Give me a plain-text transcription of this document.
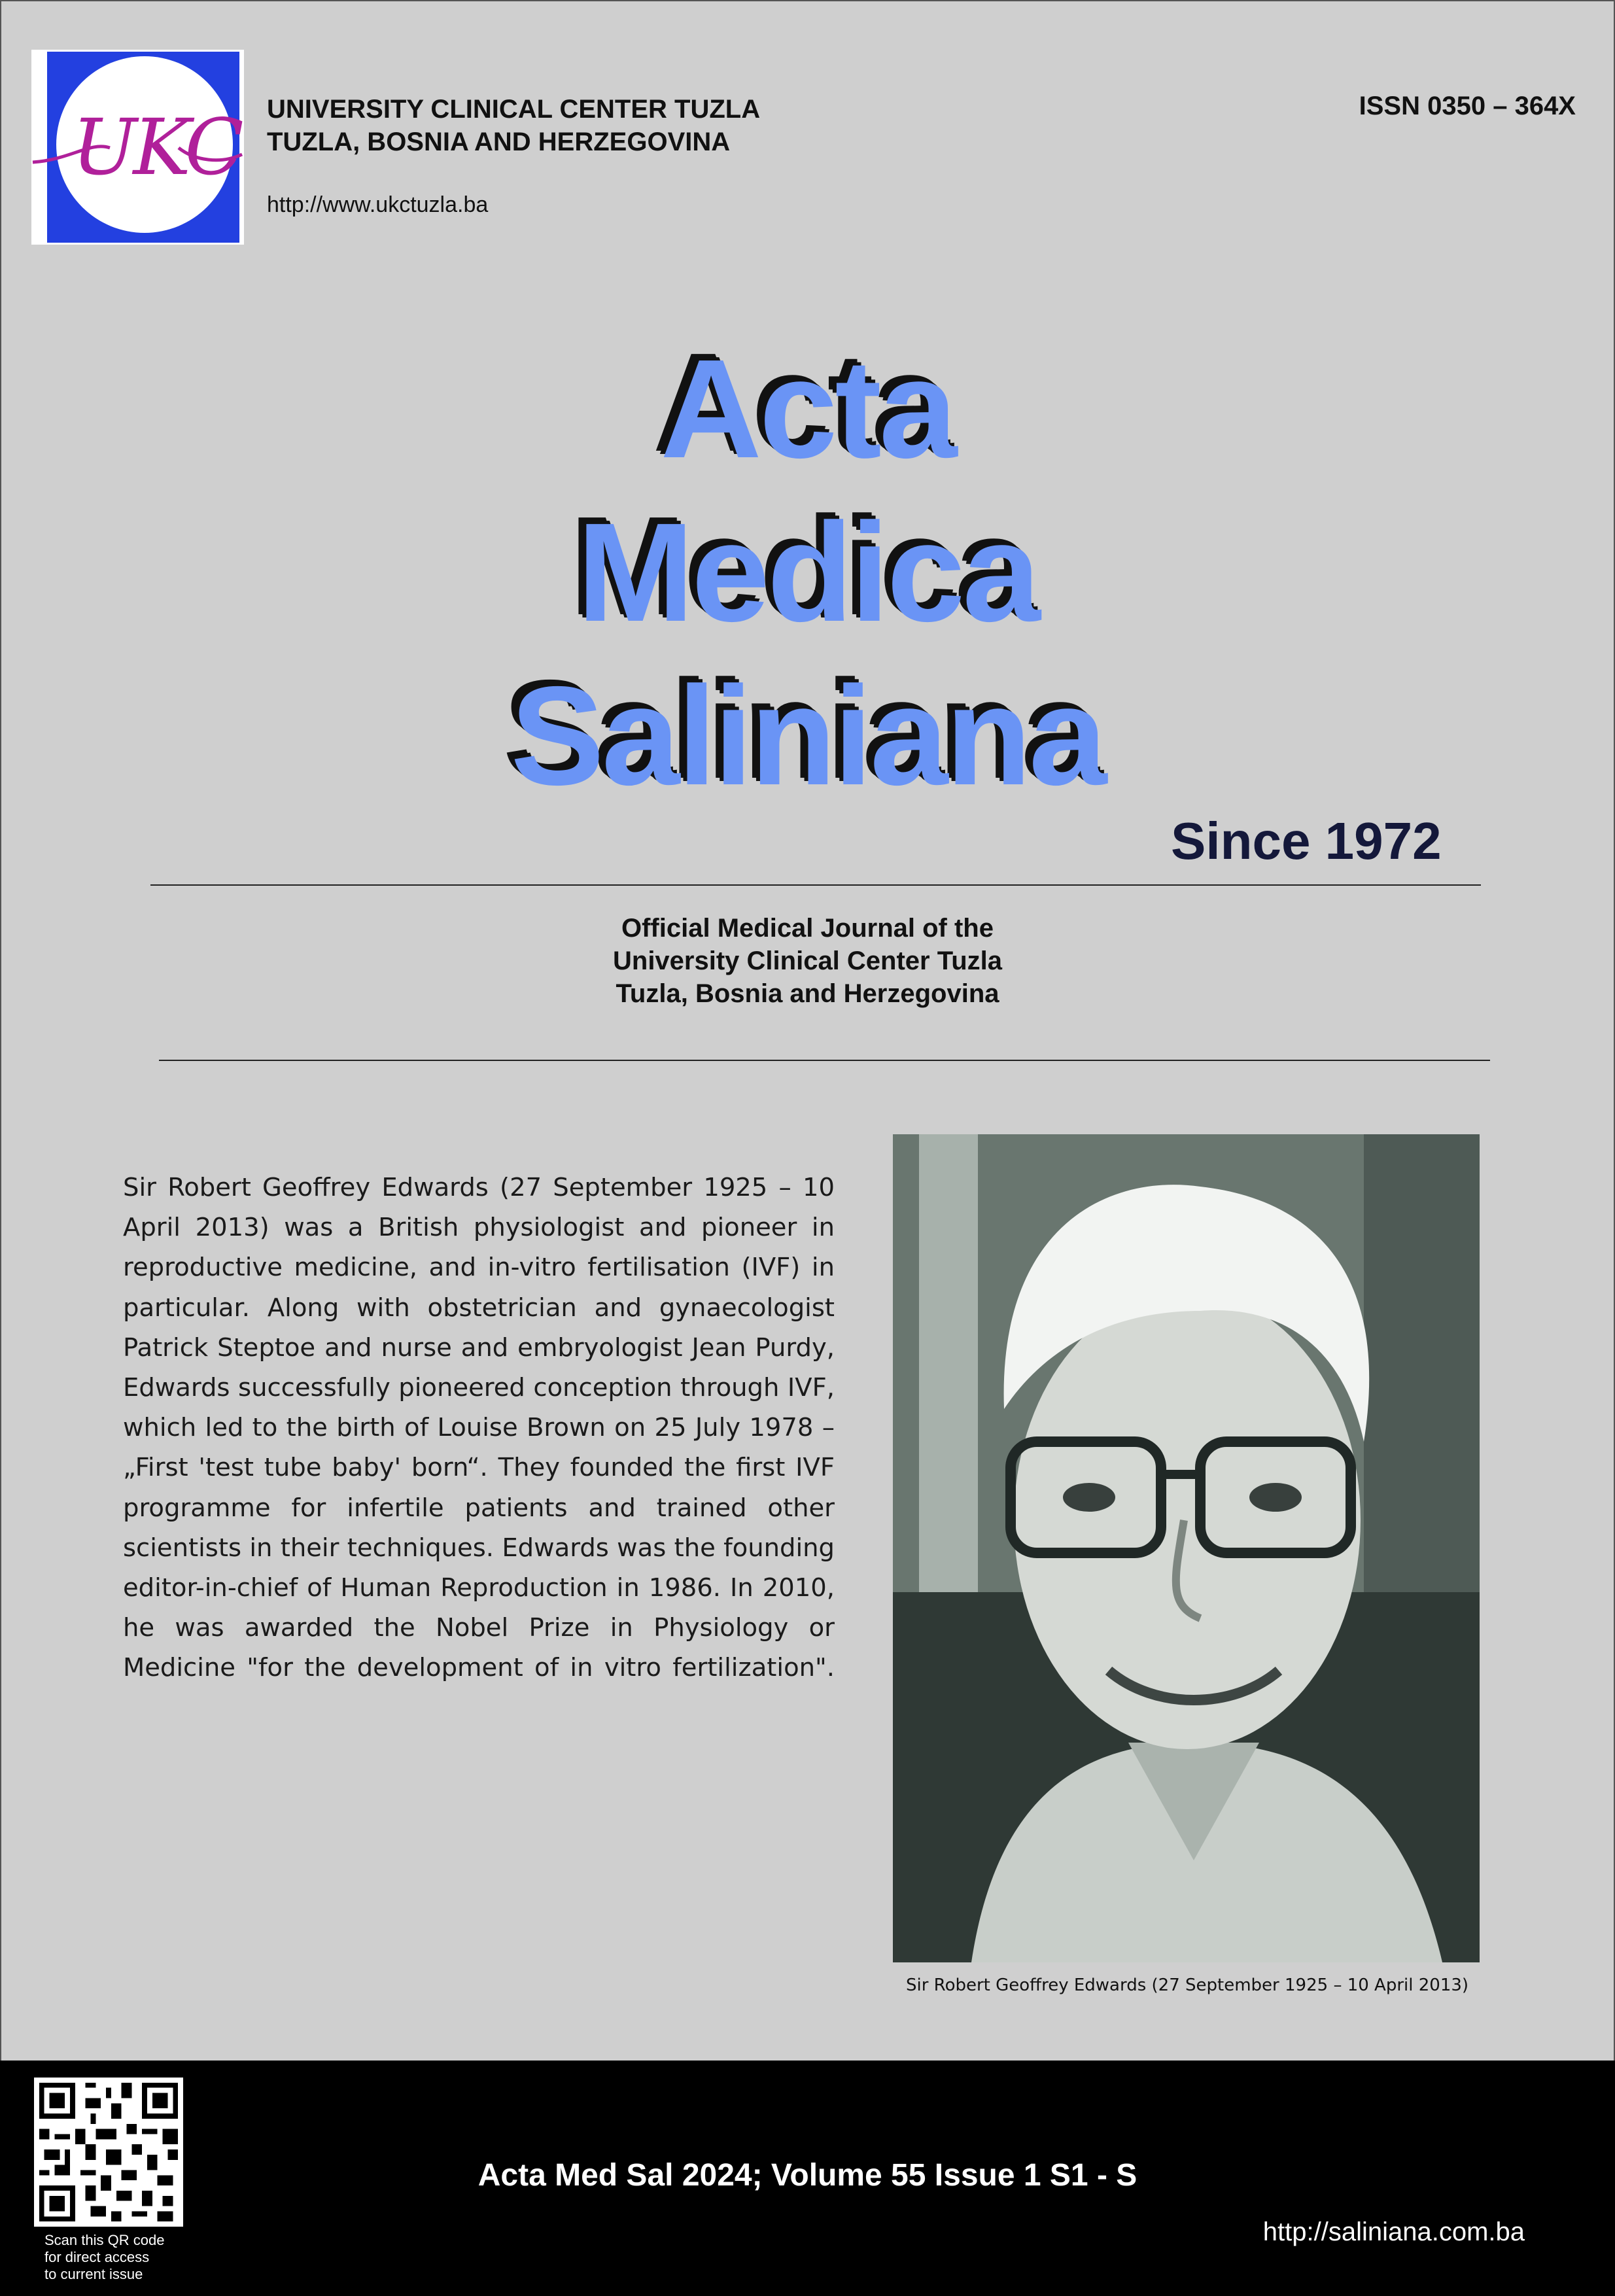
UKC UNIVERSITY CLINICAL CENTER TUZLA
TUZLA, BOSNIA AND HERZEGOVINA
http://www.ukctuzla.ba
ISSN 0350 – 364X
Acta
Medica
Saliniana
Since 1972
Official Medical Journal of the
University Clinical Center Tuzla
Tuzla, Bosnia and Herzegovina
Sir Robert Geoffrey Edwards (27 September 1925 – 10 April 2013) was a British physiologist and pioneer in reproductive medicine, and in-vitro fertilisation (IVF) in particular. Along with obstetrician and gynaecologist Patrick Steptoe and nurse and embryologist Jean Purdy, Edwards successfully pioneered conception through IVF, which led to the birth of Louise Brown on 25 July 1978 –„First 'test tube baby' born“. They founded the first IVF programme for infertile patients and trained other scientists in their techniques. Edwards was the founding editor-in-chief of Human Reproduction in 1986. In 2010, he was awarded the Nobel Prize in Physiology or Medicine "for the development of in vitro fertilization".
Sir Robert Geoffrey Edwards (27 September 1925 – 10 April 2013)
Scan this QR code
for direct access
to current issue
Acta Med Sal 2024; Volume 55 Issue 1 S1 - S
http://saliniana.com.ba
